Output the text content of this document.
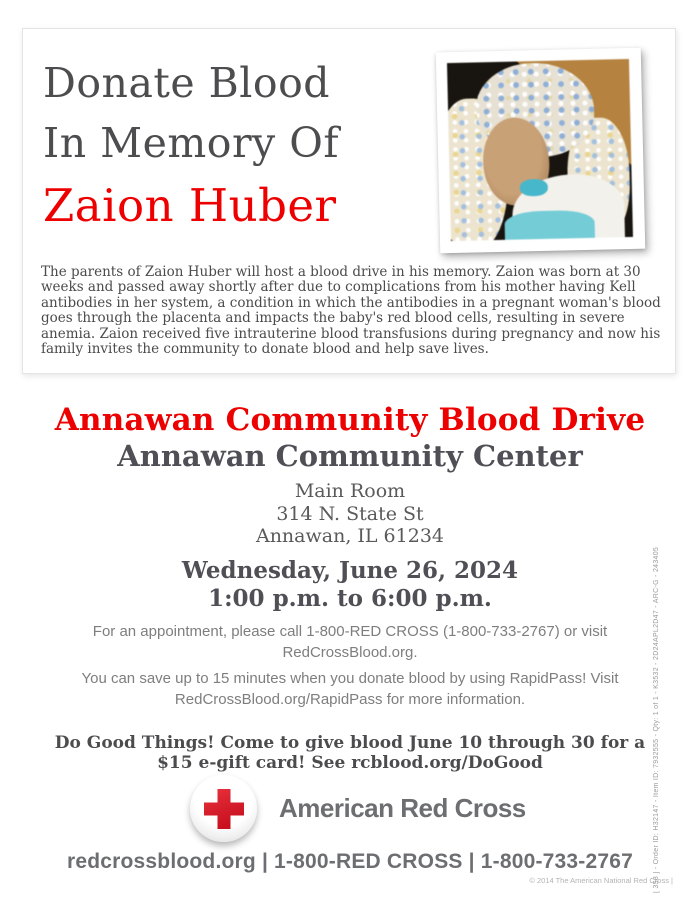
Donate Blood
In Memory Of
Zaion Huber
The parents of Zaion Huber will host a blood drive in his memory. Zaion was born at 30 weeks and passed away shortly after due to complications from his mother having Kell antibodies in her system, a condition in which the antibodies in a pregnant woman's blood goes through the placenta and impacts the baby's red blood cells, resulting in severe anemia. Zaion received five intrauterine blood transfusions during pregnancy and now his family invites the community to donate blood and help save lives.
Annawan Community Blood Drive
Annawan Community Center
Main Room
314 N. State St
Annawan, IL 61234
Wednesday, June 26, 2024
1:00 p.m. to 6:00 p.m.
For an appointment, please call 1-800-RED CROSS (1-800-733-2767) or visit
RedCrossBlood.org.
You can save up to 15 minutes when you donate blood by using RapidPass! Visit
RedCrossBlood.org/RapidPass for more information.
Do Good Things! Come to give blood June 10 through 30 for a
$15 e-gift card! See rcblood.org/DoGood
American Red Cross
redcrossblood.org | 1-800-RED CROSS | 1-800-733-2767
© 2014 The American National Red Cross |
[ 358 ] - Order ID: H32147 - Item ID: 7932555 - Qty: 1 of 1 - K3532 - 2D24APL2D47 - ARC-G - 243405
